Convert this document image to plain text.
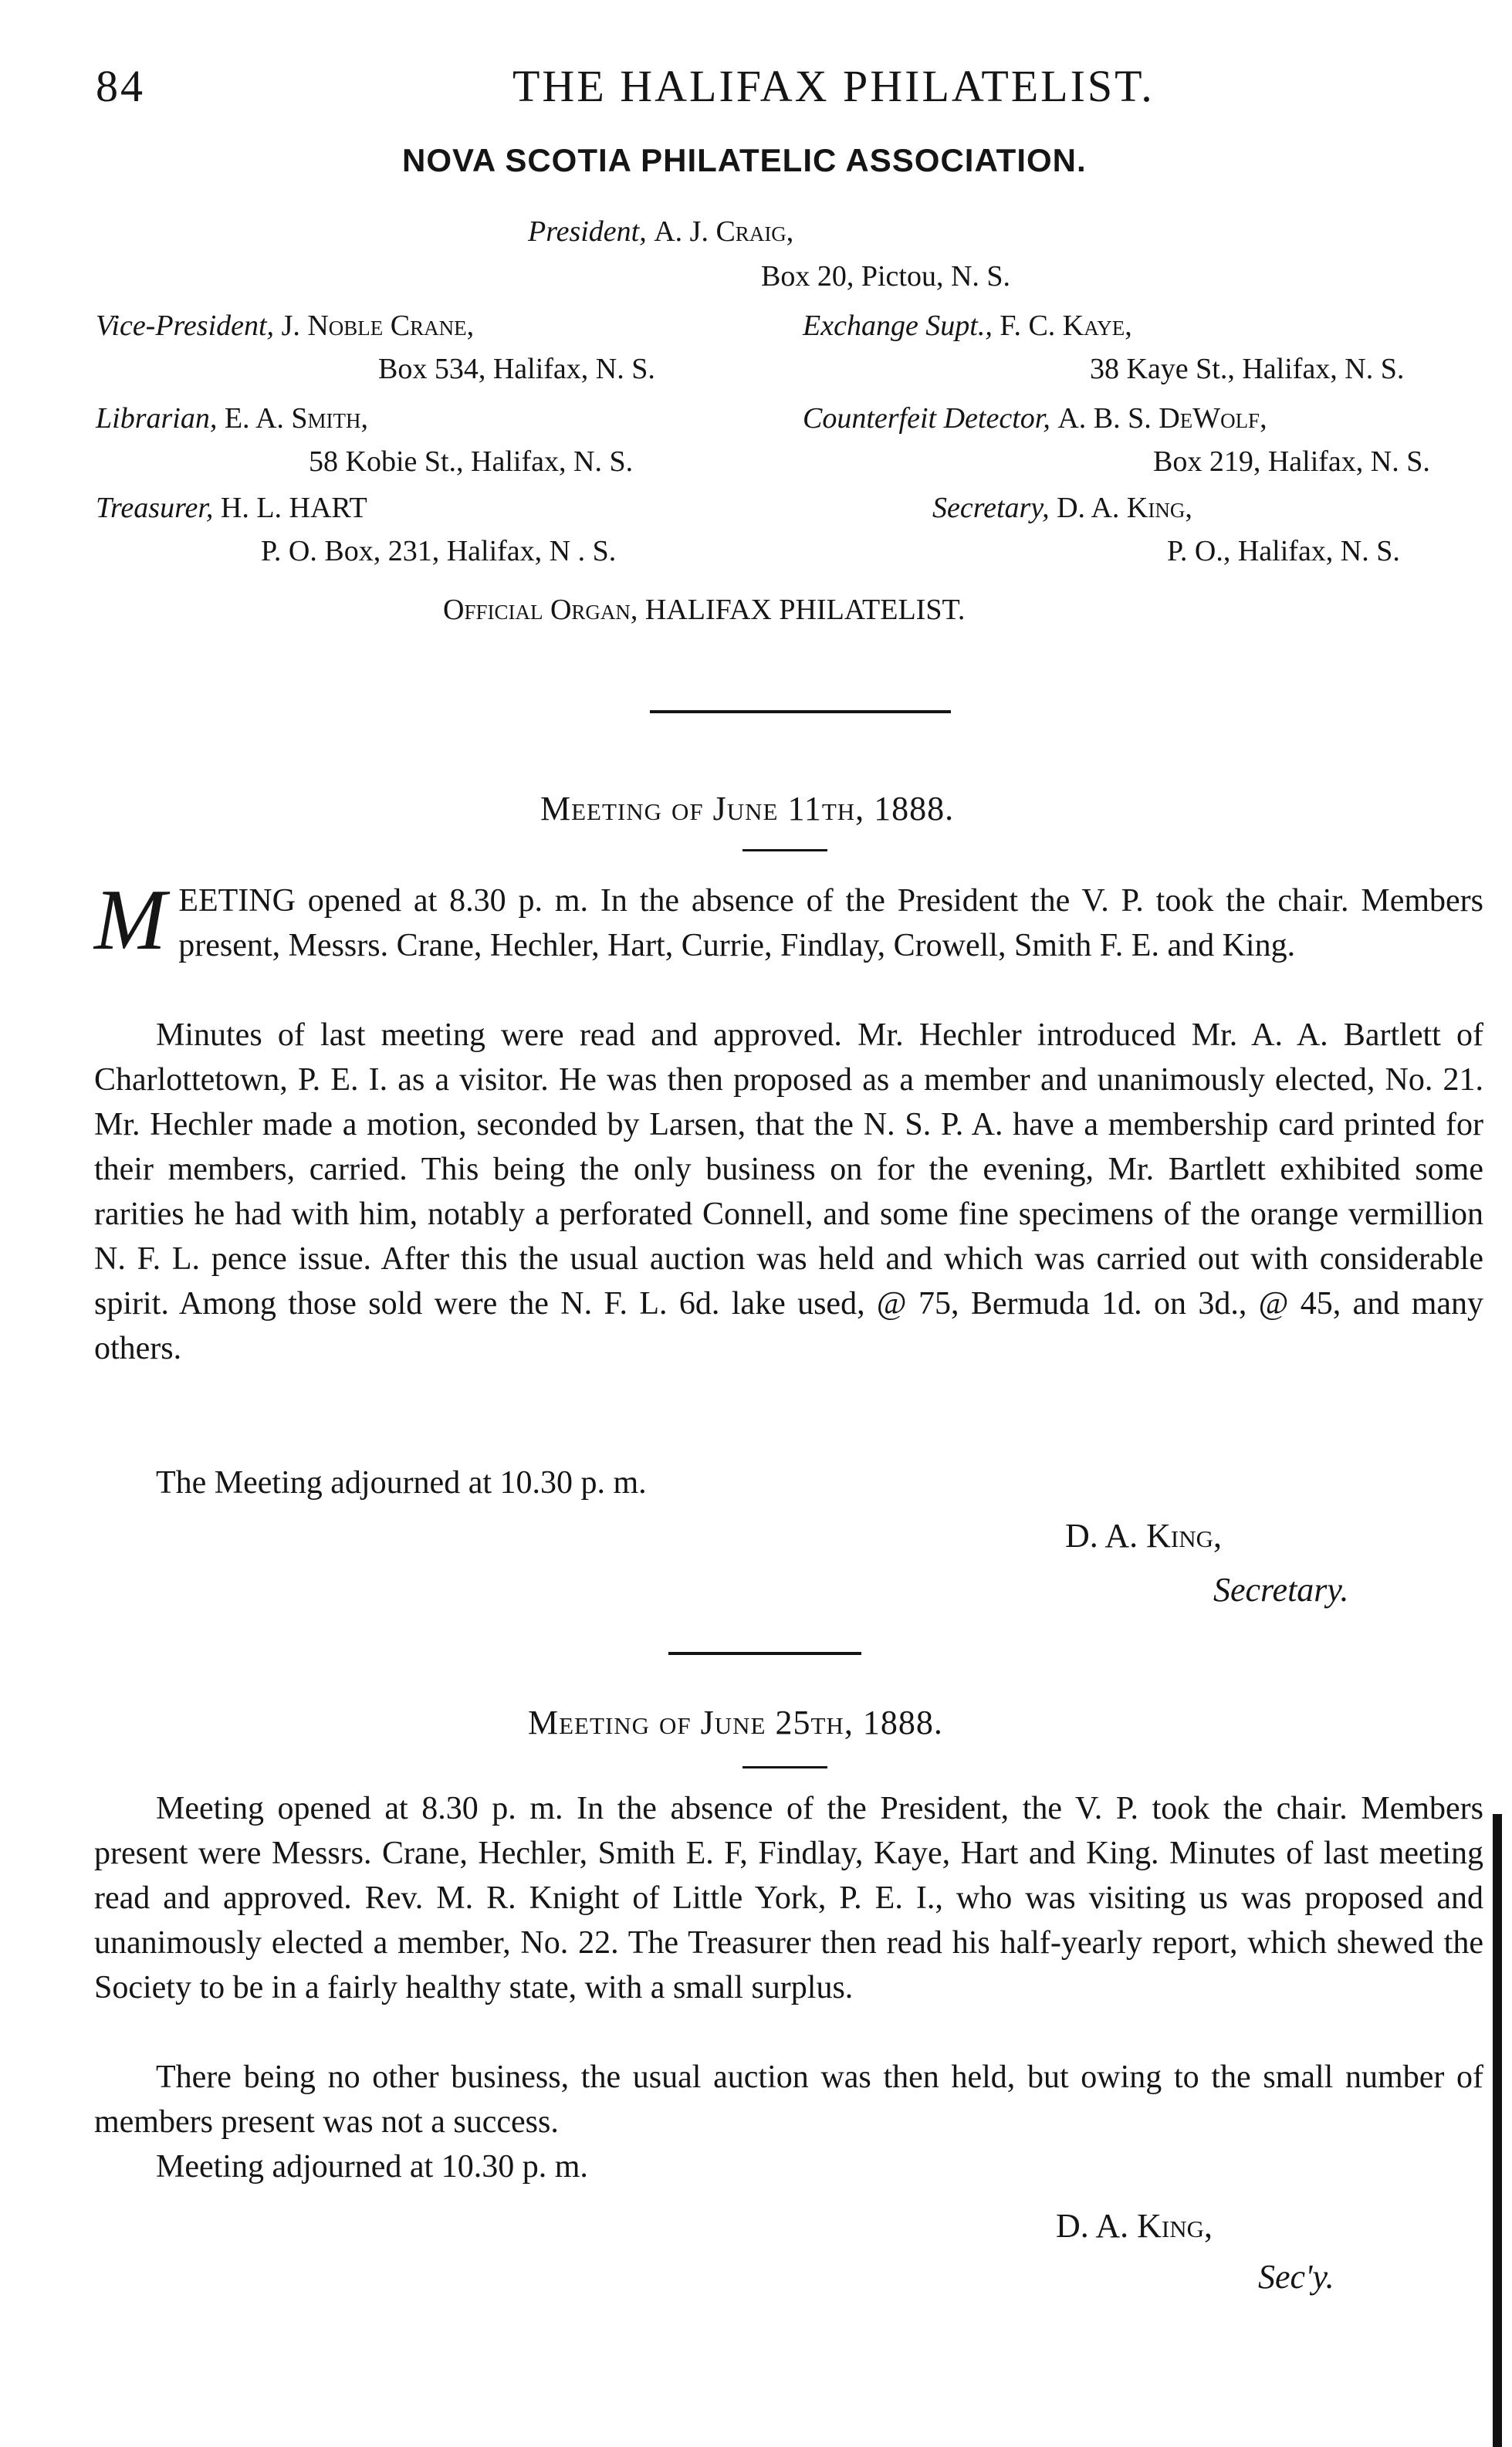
84	THE HALIFAX PHILATELIST.
NOVA SCOTIA PHILATELIC ASSOCIATION.
President, A. J. Craig,
Box 20, Pictou, N. S.
Vice-President, J. Noble Crane,
Box 534, Halifax, N. S.
Librarian, E. A. Smith,
58 Kobie St., Halifax, N. S.
Treasurer, H. L. HART
P. O. Box, 231, Halifax, N . S.
Exchange Supt., F. C. Kaye,
38 Kaye St., Halifax, N. S.
Counterfeit Detector, A. B. S. DeWolf,
Box 219, Halifax, N. S.
Secretary, D. A. King,
P. O., Halifax, N. S.
Official Organ, HALIFAX PHILATELIST.
Meeting of June 11th, 1888.
M EETING opened at 8.30 p. m. In the absence of the President the V. P. took the chair. Members present, Messrs. Crane, Hechler, Hart, Currie, Findlay, Crowell, Smith F. E. and King.

Minutes of last meeting were read and approved. Mr. Hechler introduced Mr. A. A. Bartlett of Charlottetown, P. E. I. as a visitor. He was then proposed as a member and unanimously elected, No. 21. Mr. Hechler made a motion, seconded by Larsen, that the N. S. P. A. have a membership card printed for their members, carried. This being the only business on for the evening, Mr. Bartlett exhibited some rarities he had with him, notably a perforated Connell, and some fine specimens of the orange vermillion N. F. L. pence issue. After this the usual auction was held and which was carried out with considerable spirit. Among those sold were the N. F. L. 6d. lake used, @ 75, Bermuda 1d. on 3d., @ 45, and many others.

The Meeting adjourned at 10.30 p. m.

D. A. King,
Secretary.
Meeting of June 25th, 1888.

Meeting opened at 8.30 p. m. In the absence of the President, the V. P. took the chair. Members present were Messrs. Crane, Hechler, Smith E. F, Findlay, Kaye, Hart and King. Minutes of last meeting read and approved. Rev. M. R. Knight of Little York, P. E. I., who was visiting us was proposed and unanimously elected a member, No. 22. The Treasurer then read his half-yearly report, which shewed the Society to be in a fairly healthy state, with a small surplus.

There being no other business, the usual auction was then held, but owing to the small number of members present was not a success.

Meeting adjourned at 10.30 p. m.

D. A. King,
Sec'y.
